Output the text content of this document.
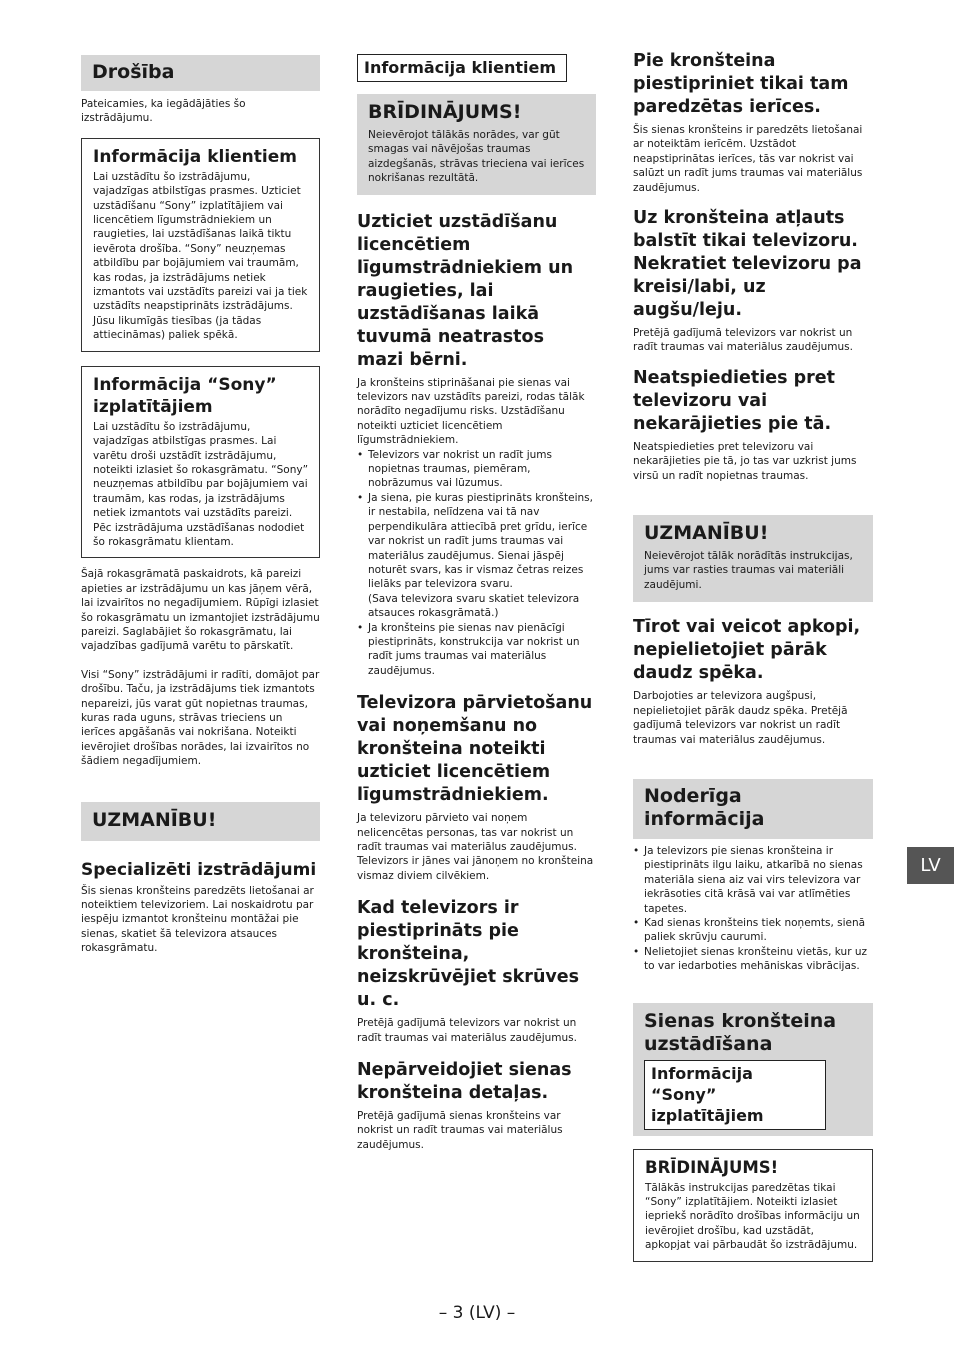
Drošība

Pateicamies, ka iegādājāties šo izstrādājumu.

Informācija klientiem

Lai uzstādītu šo izstrādājumu, vajadzīgas atbilstīgas prasmes. Uzticiet uzstādīšanu “Sony” izplatītājiem vai licencētiem līgumstrādniekiem un raugieties, lai uzstādīšanas laikā tiktu ievērota drošība. “Sony” neuzņemas atbildību par bojājumiem vai traumām, kas rodas, ja izstrādājums netiek izmantots vai uzstādīts pareizi vai ja tiek uzstādīts neapstiprināts izstrādājums. Jūsu likumīgās tiesības (ja tādas attiecināmas) paliek spēkā.

Informācija “Sony” izplatītājiem

Lai uzstādītu šo izstrādājumu, vajadzīgas atbilstīgas prasmes. Lai varētu droši uzstādīt izstrādājumu, noteikti izlasiet šo rokasgrāmatu. “Sony” neuzņemas atbildību par bojājumiem vai traumām, kas rodas, ja izstrādājums netiek izmantots vai uzstādīts pareizi. Pēc izstrādājuma uzstādīšanas nododiet šo rokasgrāmatu klientam.

Šajā rokasgrāmatā paskaidrots, kā pareizi apieties ar izstrādājumu un kas jāņem vērā, lai izvairītos no negadījumiem. Rūpīgi izlasiet šo rokasgrāmatu un izmantojiet izstrādājumu pareizi. Saglabājiet šo rokasgrāmatu, lai vajadzības gadījumā varētu to pārskatīt.

Visi “Sony” izstrādājumi ir radīti, domājot par drošību. Taču, ja izstrādājums tiek izmantots nepareizi, jūs varat gūt nopietnas traumas, kuras rada uguns, strāvas trieciens un ierīces apgāšanās vai nokrišana. Noteikti ievērojiet drošības norādes, lai izvairītos no šādiem negadījumiem.

UZMANĪBU!

Specializēti izstrādājumi

Šis sienas kronšteins paredzēts lietošanai ar noteiktiem televizoriem. Lai noskaidrotu par iespēju izmantot kronšteinu montāžai pie sienas, skatiet šā televizora atsauces rokasgrāmatu.

Informācija klientiem

BRĪDINĀJUMS!

Neievērojot tālākās norādes, var gūt smagas vai nāvējošas traumas aizdegšanās, strāvas trieciena vai ierīces nokrišanas rezultātā.

Uzticiet uzstādīšanu licencētiem līgumstrādniekiem un raugieties, lai uzstādīšanas laikā tuvumā neatrastos mazi bērni.

Ja kronšteins stiprināšanai pie sienas vai televizors nav uzstādīts pareizi, rodas tālāk norādīto negadījumu risks. Uzstādīšanu noteikti uzticiet licencētiem līgumstrādniekiem.

• Televizors var nokrist un radīt jums nopietnas traumas, piemēram, nobrāzumus vai lūzumus.
• Ja siena, pie kuras piestiprināts kronšteins, ir nestabila, nelīdzena vai tā nav perpendikulāra attiecībā pret grīdu, ierīce var nokrist un radīt jums traumas vai materiālus zaudējumus. Sienai jāspēj noturēt svars, kas ir vismaz četras reizes lielāks par televizora svaru.
(Sava televizora svaru skatiet televizora atsauces rokasgrāmatā.)
• Ja kronšteins pie sienas nav pienācīgi piestiprināts, konstrukcija var nokrist un radīt jums traumas vai materiālus zaudējumus.

Televizora pārvietošanu vai noņemšanu no kronšteina noteikti uzticiet licencētiem līgumstrādniekiem.

Ja televizoru pārvieto vai noņem nelicencētas personas, tas var nokrist un radīt traumas vai materiālus zaudējumus. Televizors ir jānes vai jānoņem no kronšteina vismaz diviem cilvēkiem.

Kad televizors ir piestiprināts pie kronšteina, neizskrūvējiet skrūves u. c.

Pretējā gadījumā televizors var nokrist un radīt traumas vai materiālus zaudējumus.

Nepārveidojiet sienas kronšteina detaļas.

Pretējā gadījumā sienas kronšteins var nokrist un radīt traumas vai materiālus zaudējumus.

Pie kronšteina piestipriniet tikai tam paredzētas ierīces.

Šis sienas kronšteins ir paredzēts lietošanai ar noteiktām ierīcēm. Uzstādot neapstiprinātas ierīces, tās var nokrist vai salūzt un radīt jums traumas vai materiālus zaudējumus.

Uz kronšteina atļauts balstīt tikai televizoru. Nekratiet televizoru pa kreisi/labi, uz augšu/leju.

Pretējā gadījumā televizors var nokrist un radīt traumas vai materiālus zaudējumus.

Neatspiedieties pret televizoru vai nekarājieties pie tā.

Neatspiedieties pret televizoru vai nekarājieties pie tā, jo tas var uzkrist jums virsū un radīt nopietnas traumas.

UZMANĪBU!

Neievērojot tālāk norādītās instrukcijas, jums var rasties traumas vai materiāli zaudējumi.

Tīrot vai veicot apkopi, nepielietojiet pārāk daudz spēka.

Darbojoties ar televizora augšpusi, nepielietojiet pārāk daudz spēka. Pretējā gadījumā televizors var nokrist un radīt traumas vai materiālus zaudējumus.

Noderīga informācija
• Ja televizors pie sienas kronšteina ir piestiprināts ilgu laiku, atkarībā no sienas materiāla siena aiz vai virs televizora var iekrāsoties citā krāsā vai var atlīmēties tapetes.
• Kad sienas kronšteins tiek noņemts, sienā paliek skrūvju caurumi.
• Nelietojiet sienas kronšteinu vietās, kur uz to var iedarboties mehāniskas vibrācijas.
Sienas kronšteina uzstādīšana
Informācija “Sony” izplatītājiem

BRĪDINĀJUMS!

Tālākās instrukcijas paredzētas tikai “Sony” izplatītājiem. Noteikti izlasiet iepriekš norādīto drošības informāciju un ievērojiet drošību, kad uzstādāt, apkopjat vai pārbaudāt šo izstrādājumu.

LV
– 3 (LV) –
